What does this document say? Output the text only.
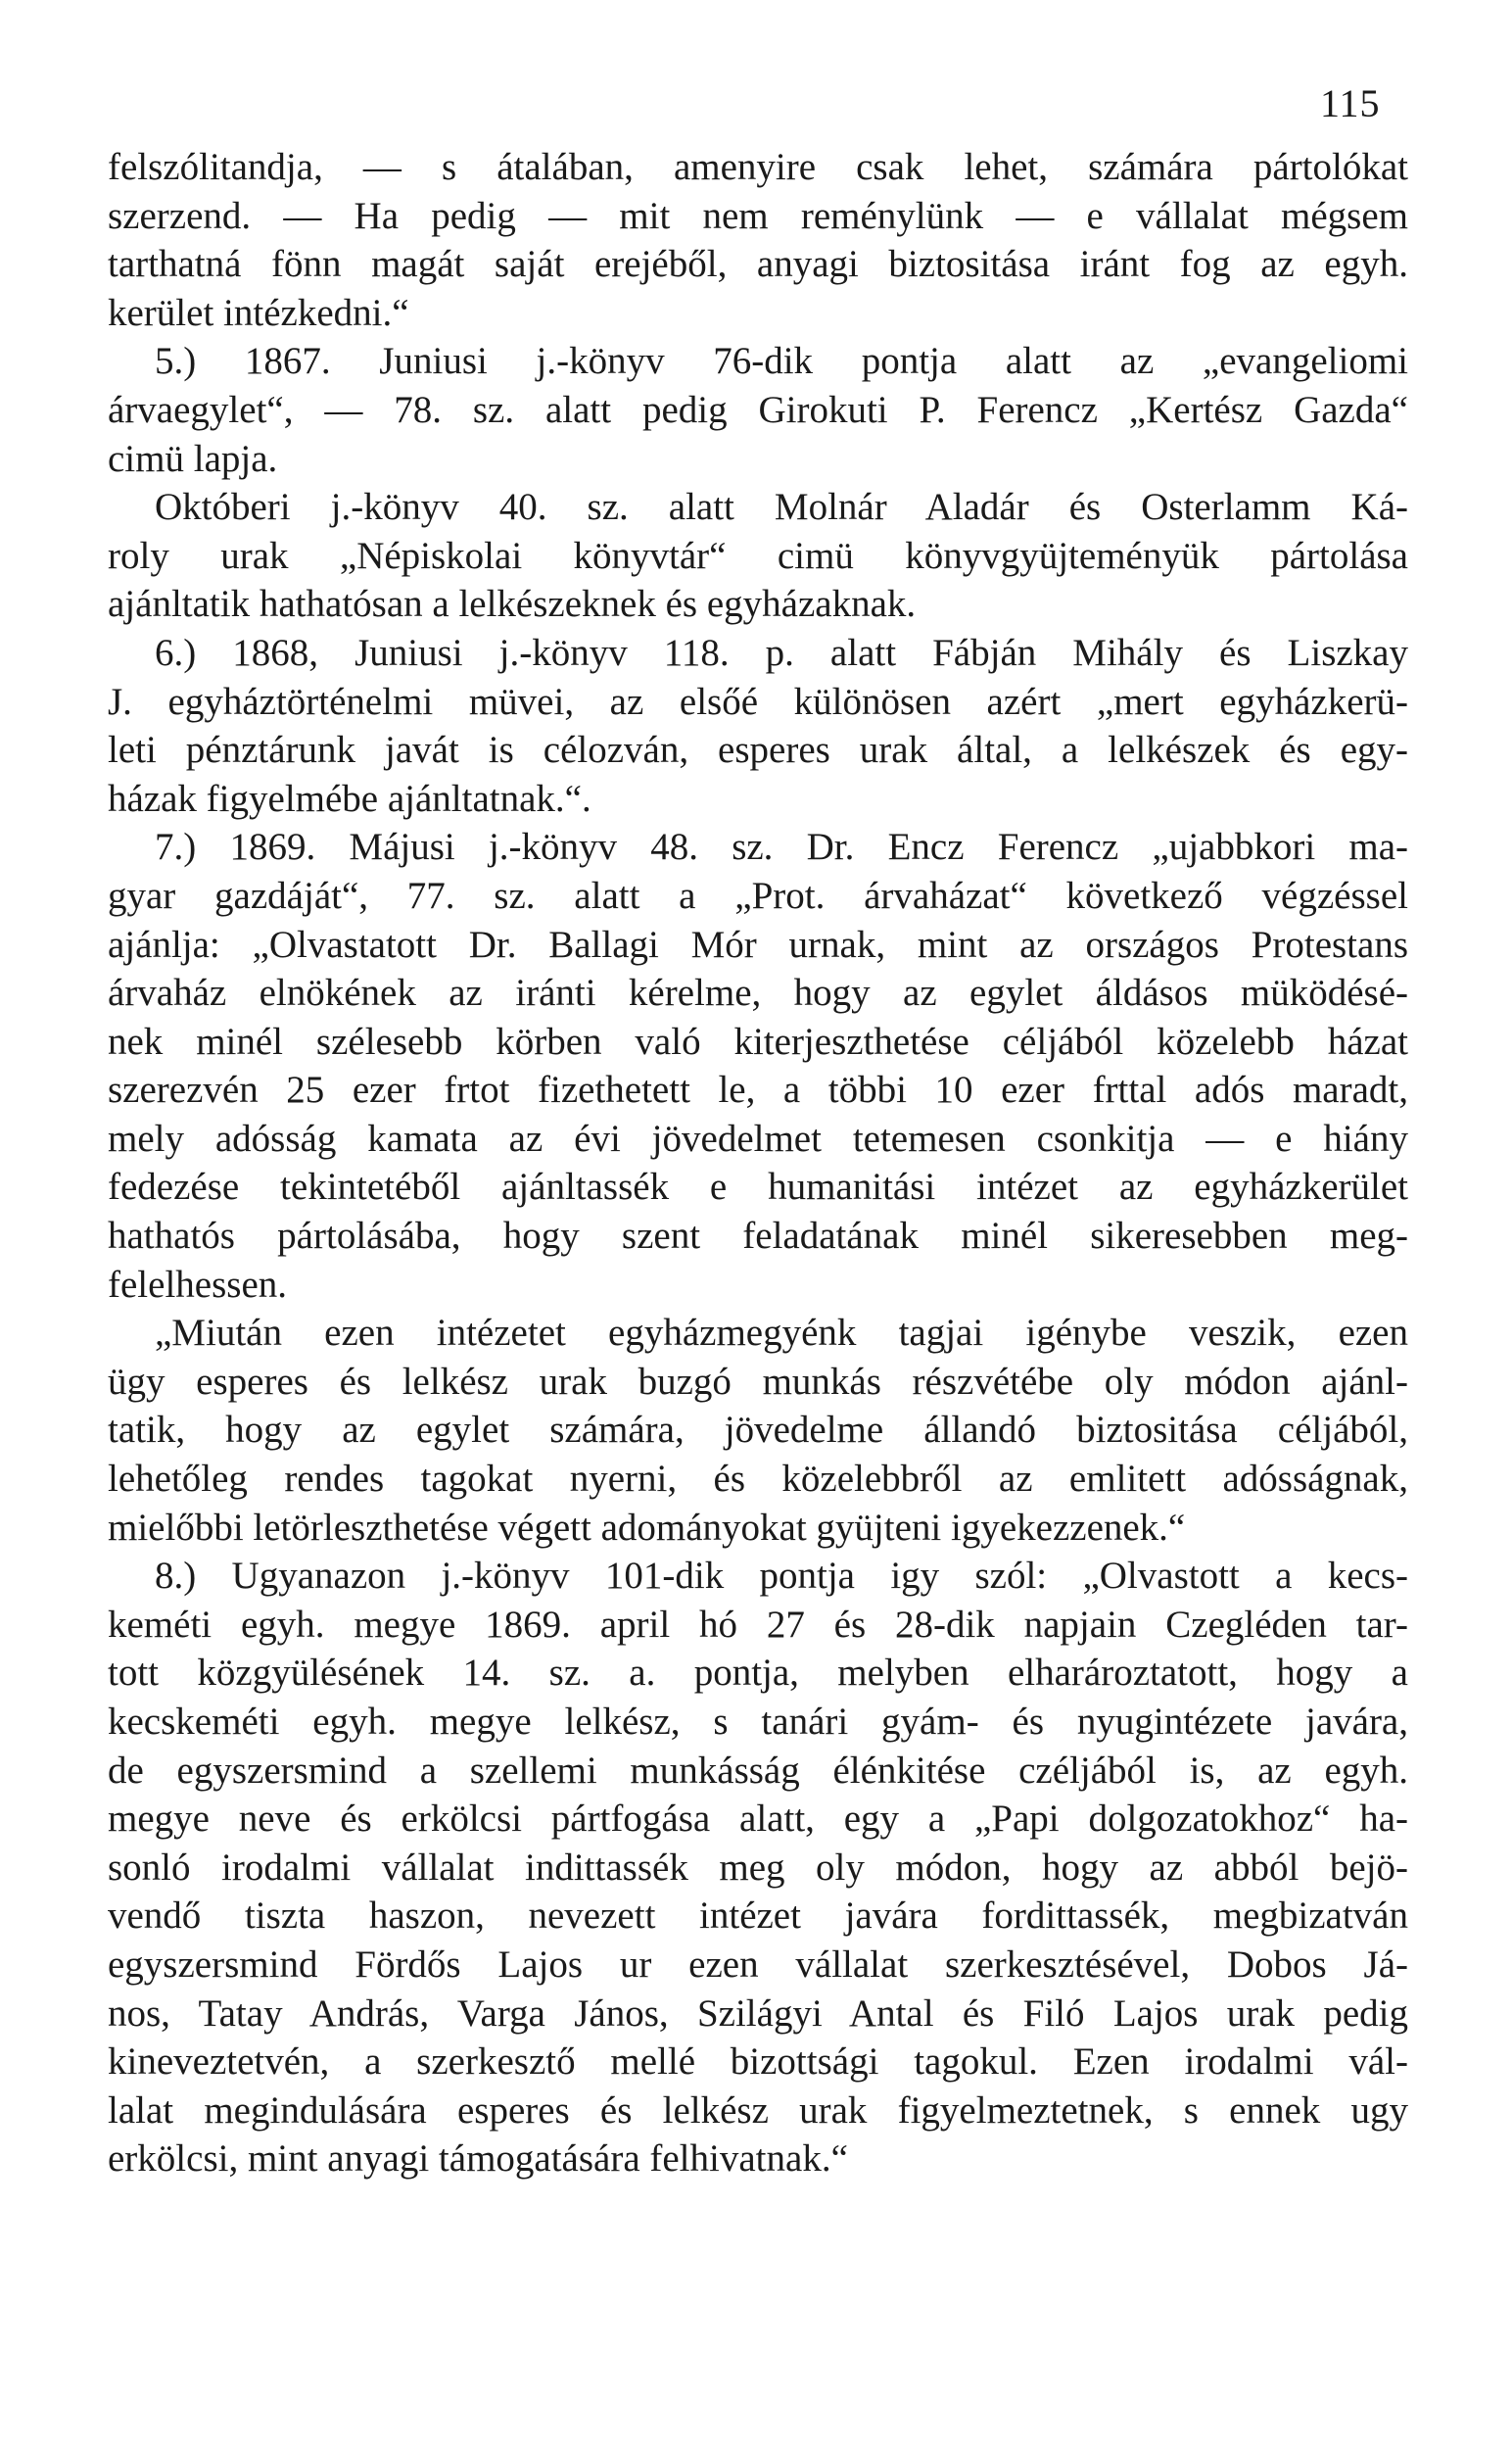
115
felszólitandja, — s átalában, amenyire csak lehet, számára pártolókat
szerzend. — Ha pedig — mit nem reménylünk — e vállalat mégsem
tarthatná fönn magát saját erejéből, anyagi biztositása iránt fog az egyh.
kerület intézkedni.“
5.) 1867. Juniusi j.-könyv 76-dik pontja alatt az „evangeliomi
árvaegylet“, — 78. sz. alatt pedig Girokuti P. Ferencz „Kertész Gazda“
cimü lapja.
Októberi j.-könyv 40. sz. alatt Molnár Aladár és Osterlamm Ká-
roly urak „Népiskolai könyvtár“ cimü könyvgyüjteményük pártolása
ajánltatik hathatósan a lelkészeknek és egyházaknak.
6.) 1868, Juniusi j.-könyv 118. p. alatt Fábján Mihály és Liszkay
J. egyháztörténelmi müvei, az elsőé különösen azért „mert egyházkerü-
leti pénztárunk javát is célozván, esperes urak által, a lelkészek és egy-
házak figyelmébe ajánltatnak.“.
7.) 1869. Májusi j.-könyv 48. sz. Dr. Encz Ferencz „ujabbkori ma-
gyar gazdáját“, 77. sz. alatt a „Prot. árvaházat“ következő végzéssel
ajánlja: „Olvastatott Dr. Ballagi Mór urnak, mint az országos Protestans
árvaház elnökének az iránti kérelme, hogy az egylet áldásos müködésé-
nek minél szélesebb körben való kiterjeszthetése céljából közelebb házat
szerezvén 25 ezer frtot fizethetett le, a többi 10 ezer frttal adós maradt,
mely adósság kamata az évi jövedelmet tetemesen csonkitja — e hiány
fedezése tekintetéből ajánltassék e humanitási intézet az egyházkerület
hathatós pártolásába, hogy szent feladatának minél sikeresebben meg-
felelhessen.
„Miután ezen intézetet egyházmegyénk tagjai igénybe veszik, ezen
ügy esperes és lelkész urak buzgó munkás részvétébe oly módon ajánl-
tatik, hogy az egylet számára, jövedelme állandó biztositása céljából,
lehetőleg rendes tagokat nyerni, és közelebbről az emlitett adósságnak,
mielőbbi letörleszthetése végett adományokat gyüjteni igyekezzenek.“
8.) Ugyanazon j.-könyv 101-dik pontja igy szól: „Olvastott a kecs-
keméti egyh. megye 1869. april hó 27 és 28-dik napjain Czegléden tar-
tott közgyülésének 14. sz. a. pontja, melyben elharároztatott, hogy a
kecskeméti egyh. megye lelkész, s tanári gyám- és nyugintézete javára,
de egyszersmind a szellemi munkásság élénkitése czéljából is, az egyh.
megye neve és erkölcsi pártfogása alatt, egy a „Papi dolgozatokhoz“ ha-
sonló irodalmi vállalat indittassék meg oly módon, hogy az abból bejö-
vendő tiszta haszon, nevezett intézet javára fordittassék, megbizatván
egyszersmind Fördős Lajos ur ezen vállalat szerkesztésével, Dobos Já-
nos, Tatay András, Varga János, Szilágyi Antal és Filó Lajos urak pedig
kineveztetvén, a szerkesztő mellé bizottsági tagokul. Ezen irodalmi vál-
lalat megindulására esperes és lelkész urak figyelmeztetnek, s ennek ugy
erkölcsi, mint anyagi támogatására felhivatnak.“
